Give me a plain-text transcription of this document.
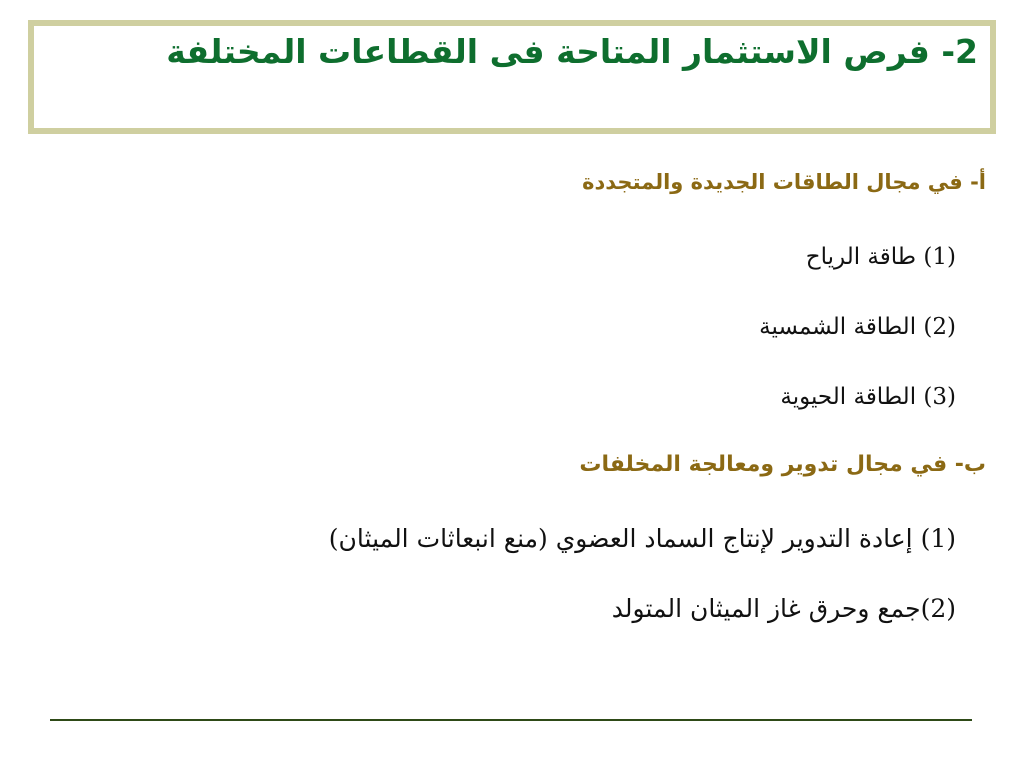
2- فرص الاستثمار المتاحة فى القطاعات المختلفة
أ- في مجال الطاقات الجديدة والمتجددة
(1) طاقة الرياح
(2) الطاقة الشمسية
(3) الطاقة الحيوية
ب- في مجال تدوير ومعالجة المخلفات
(1) إعادة التدوير لإنتاج السماد العضوي (منع انبعاثات الميثان)
(2)جمع وحرق غاز الميثان المتولد
